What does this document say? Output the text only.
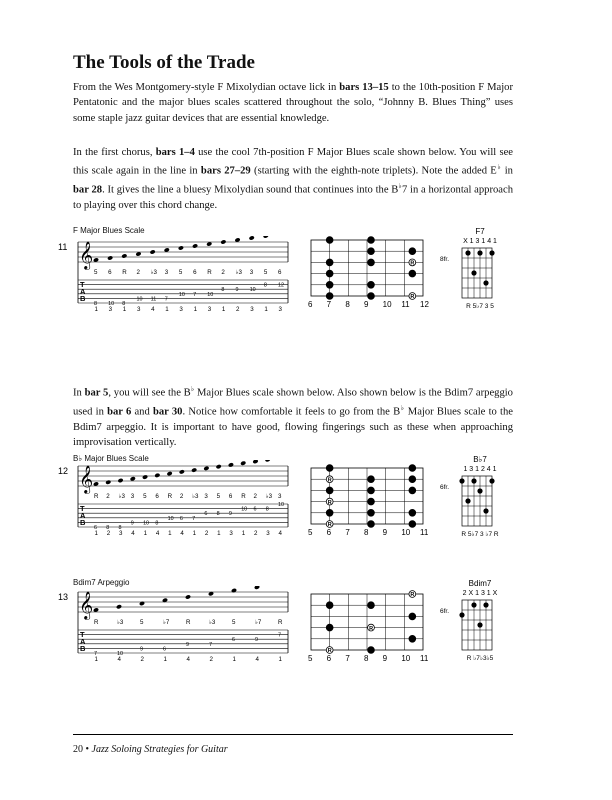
The Tools of the Trade

From the Wes Montgomery-style F Mixolydian octave lick in bars 13–15 to the 10th-position F Major Pentatonic and the major blues scales scattered throughout the solo, “Johnny B. Blues Thing” uses some staple jazz guitar devices that are essential knowledge.

In the first chorus, bars 1–4 use the cool 7th-position F Major Blues scale shown below. You will see this scale again in the line in bars 27–29 (starting with the eighth-note triplets). Note the added E♭ in bar 28. It gives the line a bluesy Mixolydian sound that continues into the B♭7 in a horizontal approach to playing over this chord change.

In bar 5, you will see the B♭ Major Blues scale shown below. Also shown below is the Bdim7 arpeggio used in bar 6 and bar 30. Notice how comfortable it feels to go from the B♭ Major Blues scale to the Bdim7 arpeggio. It is important to have good, flowing fingerings such as these when approaching improvisation vertically.

F Major Blues Scale
11 𝄞
T
A
B
5
8
1
6
10
3
R
8
1
2
10
3
♭3
11
4
3
7
1
5
10
3
6
7
1
R
10
3
2
8
1
♭3
9
2
3
10
3
5
8
1
6
12
3
6 7 8 9 10 11 12
R
R
F7
X 1 3 1 4 1
8fr.
R 5♭7 3 5
B♭ Major Blues Scale
12 𝄞
T
A
B
R
6
1
2
8
2
♭3
8
3
3
9
4
5
10
1
6
8
4
R
10
1
2
6
4
♭3
7
1
3
6
2
5
8
1
6
9
3
R
10
1
2
6
2
♭3
8
3
3
10
4	5 6 7 8 9 10 11
R
R
R
B♭7
1 3 1 2 4 1
6fr.
R 5♭7 3 ♭7 R
Bdim7 Arpeggio
13 𝄞
T
A
B
R
7
1
♭3
10
4
5
9
2
♭7
6
1
R
9
4
♭3
7
2
5
6
1
♭7
9
4
R
7
1	5 6 7 8 9 10 11
R
R
R
Bdim7
2 X 1 3 1 X
6fr.
R ♭7♭3♭5
20 • Jazz Soloing Strategies for Guitar
